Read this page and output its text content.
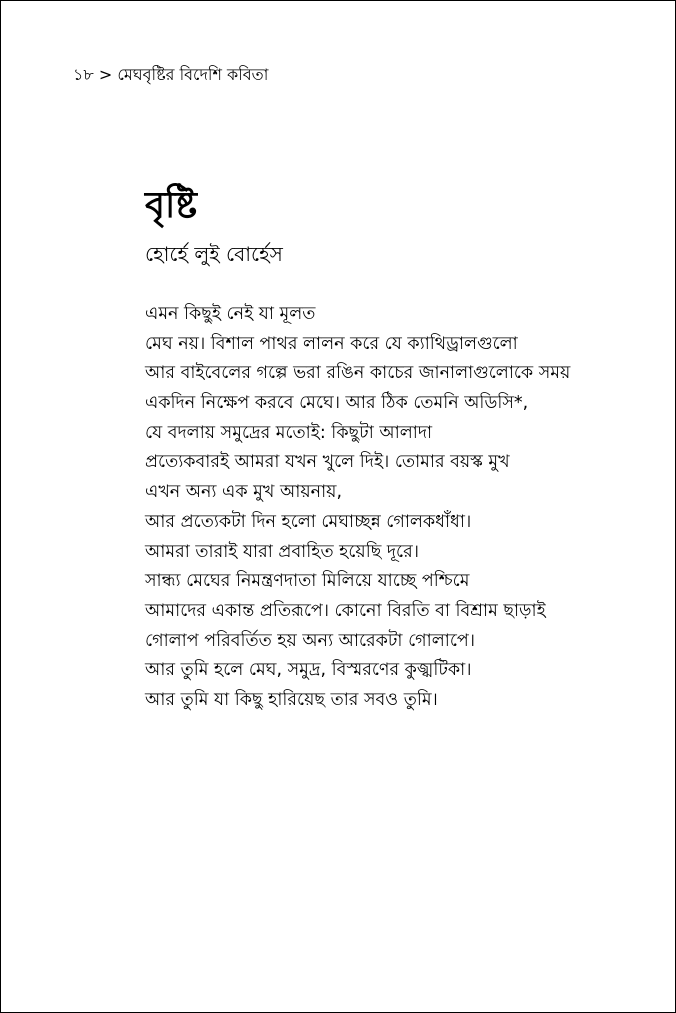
১৮ > মেঘবৃষ্টির বিদেশি কবিতা
বৃষ্টি
হোর্হে লুই বোর্হেস
এমন কিছুই নেই যা মূলত
মেঘ নয়। বিশাল পাথর লালন করে যে ক্যাথিড্রালগুলো
আর বাইবেলের গল্পে ভরা রঙিন কাচের জানালাগুলোকে সময়
একদিন নিক্ষেপ করবে মেঘে। আর ঠিক তেমনি অডিসি*,
যে বদলায় সমুদ্রের মতোই: কিছুটা আলাদা
প্রত্যেকবারই আমরা যখন খুলে দিই। তোমার বয়স্ক মুখ
এখন অন্য এক মুখ আয়নায়,
আর প্রত্যেকটা দিন হলো মেঘাচ্ছন্ন গোলকধাঁধা।
আমরা তারাই যারা প্রবাহিত হয়েছি দূরে।
সান্ধ্য মেঘের নিমন্ত্রণদাতা মিলিয়ে যাচ্ছে পশ্চিমে
আমাদের একান্ত প্রতিরূপে। কোনো বিরতি বা বিশ্রাম ছাড়াই
গোলাপ পরিবর্তিত হয় অন্য আরেকটা গোলাপে।
আর তুমি হলে মেঘ, সমুদ্র, বিস্মরণের কুজ্ঝটিকা।
আর তুমি যা কিছু হারিয়েছ তার সবও তুমি।
